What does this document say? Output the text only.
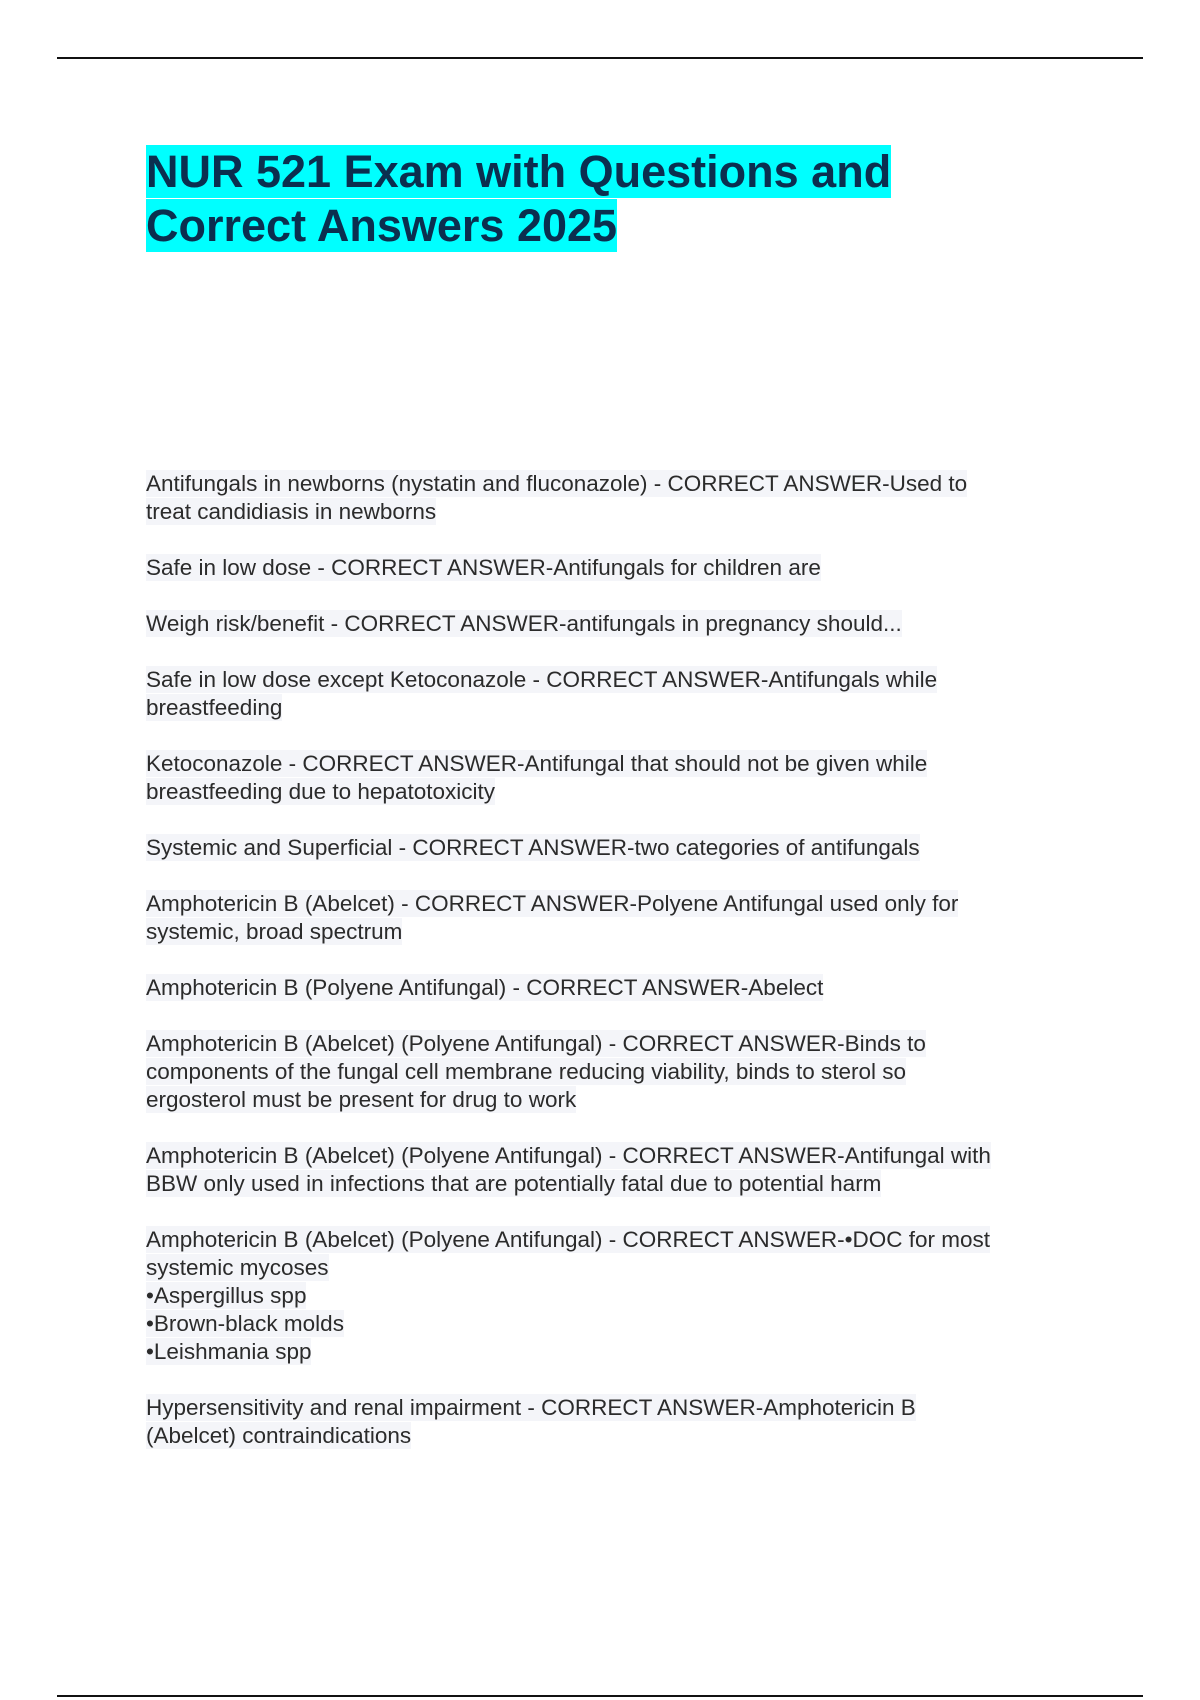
NUR 521 Exam with Questions and
Correct Answers 2025
Antifungals in newborns (nystatin and fluconazole) - CORRECT ANSWER-Used to
treat candidiasis in newborns
Safe in low dose - CORRECT ANSWER-Antifungals for children are
Weigh risk/benefit - CORRECT ANSWER-antifungals in pregnancy should...
Safe in low dose except Ketoconazole - CORRECT ANSWER-Antifungals while
breastfeeding
Ketoconazole - CORRECT ANSWER-Antifungal that should not be given while
breastfeeding due to hepatotoxicity
Systemic and Superficial - CORRECT ANSWER-two categories of antifungals
Amphotericin B (Abelcet) - CORRECT ANSWER-Polyene Antifungal used only for
systemic, broad spectrum
Amphotericin B (Polyene Antifungal) - CORRECT ANSWER-Abelect
Amphotericin B (Abelcet) (Polyene Antifungal) - CORRECT ANSWER-Binds to
components of the fungal cell membrane reducing viability, binds to sterol so
ergosterol must be present for drug to work
Amphotericin B (Abelcet) (Polyene Antifungal) - CORRECT ANSWER-Antifungal with
BBW only used in infections that are potentially fatal due to potential harm
Amphotericin B (Abelcet) (Polyene Antifungal) - CORRECT ANSWER-•DOC for most
systemic mycoses
•Aspergillus spp
•Brown-black molds
•Leishmania spp
Hypersensitivity and renal impairment - CORRECT ANSWER-Amphotericin B
(Abelcet) contraindications
